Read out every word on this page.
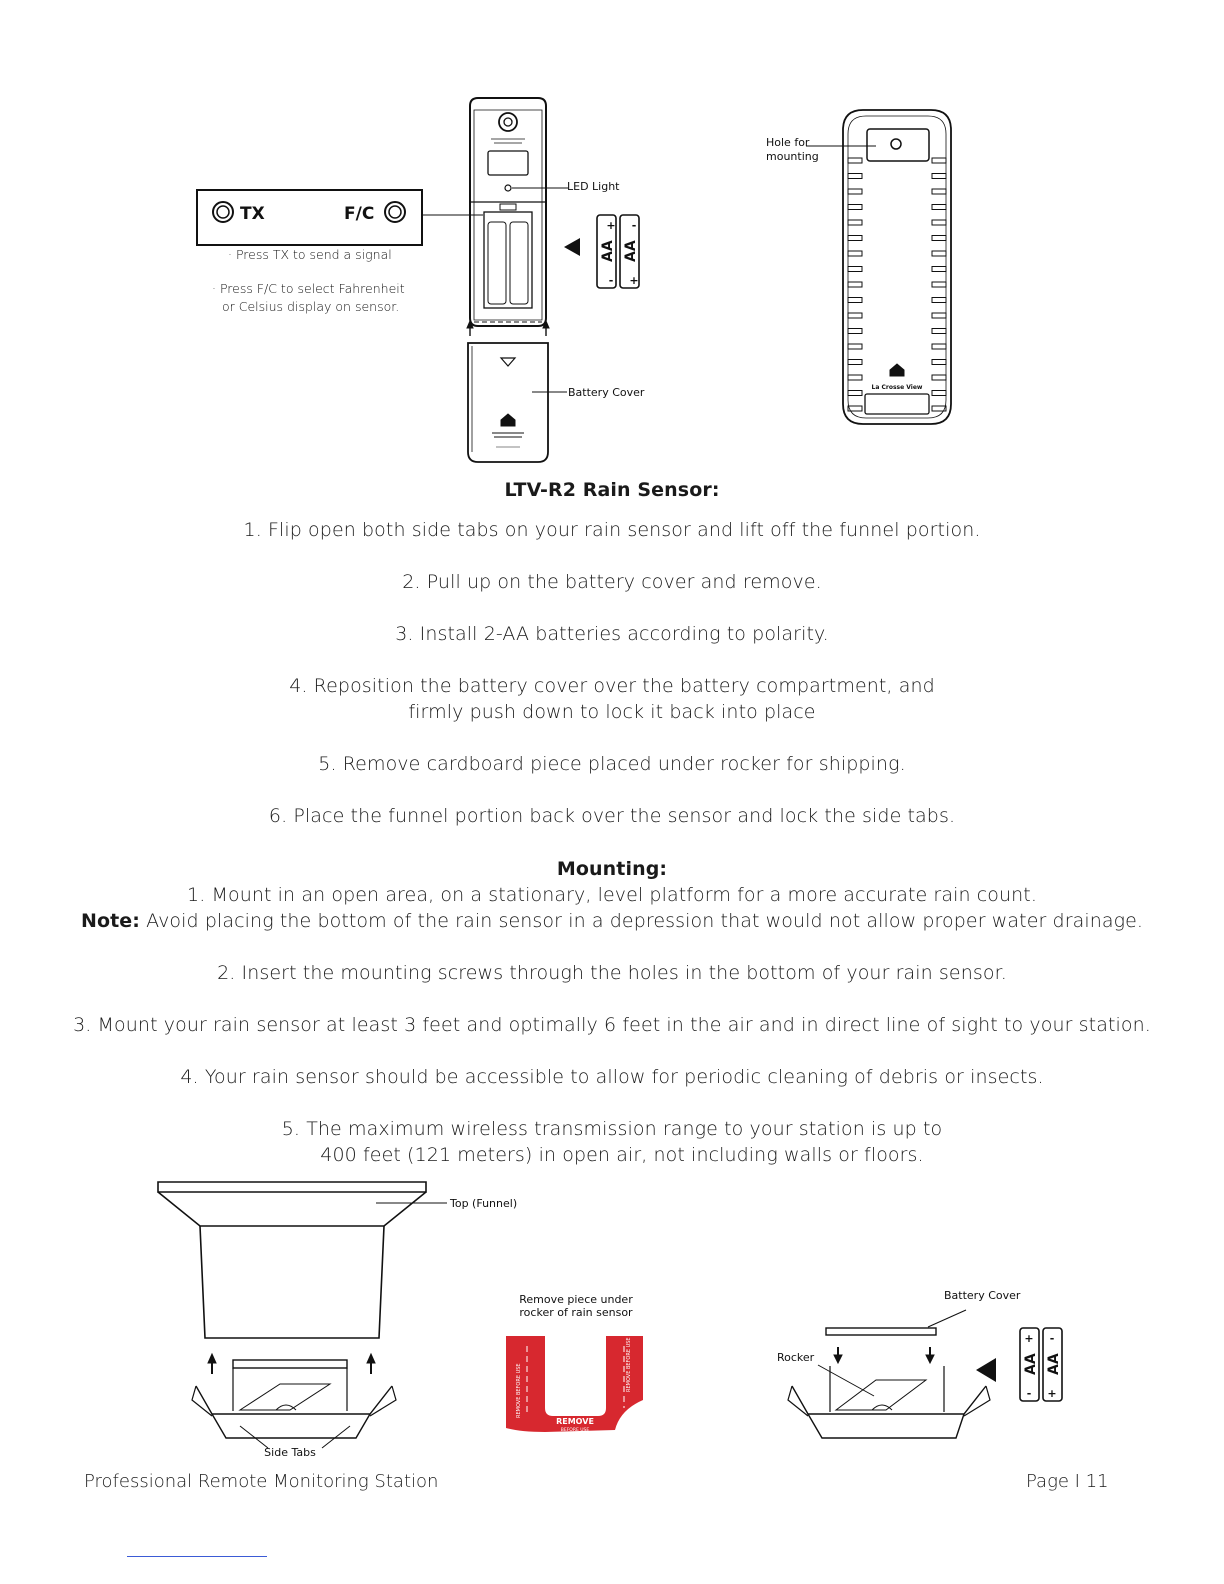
TX	F/C
· Press TX to send a signal
· Press F/C to select Fahrenheit
or Celsius display on sensor.
LED Light
Battery Cover
+
-
-
+
AA AA
La Crosse View
Hole for
mounting
LTV-R2 Rain Sensor:
1. Flip open both side tabs on your rain sensor and lift off the funnel portion.
2. Pull up on the battery cover and remove.
3. Install 2-AA batteries according to polarity.
4. Reposition the battery cover over the battery compartment, and
firmly push down to lock it back into place
5. Remove cardboard piece placed under rocker for shipping.
6. Place the funnel portion back over the sensor and lock the side tabs.
Mounting:
1. Mount in an open area, on a stationary, level platform for a more accurate rain count.
Note: Avoid placing the bottom of the rain sensor in a depression that would not allow proper water drainage.
2. Insert the mounting screws through the holes in the bottom of your rain sensor.
3. Mount your rain sensor at least 3 feet and optimally 6 feet in the air and in direct line of sight to your station.
4. Your rain sensor should be accessible to allow for periodic cleaning of debris or insects.
5. The maximum wireless transmission range to your station is up to
400 feet (121 meters) in open air, not including walls or floors.
Top (Funnel)
Side Tabs
Remove piece under
rocker of rain sensor
REMOVE
BEFORE USE
REMOVE BEFORE USE	REMOVE BEFORE USE
Battery Cover
Rocker
+
-
-
+
AA AA
Professional Remote Monitoring Station	Page I 11
